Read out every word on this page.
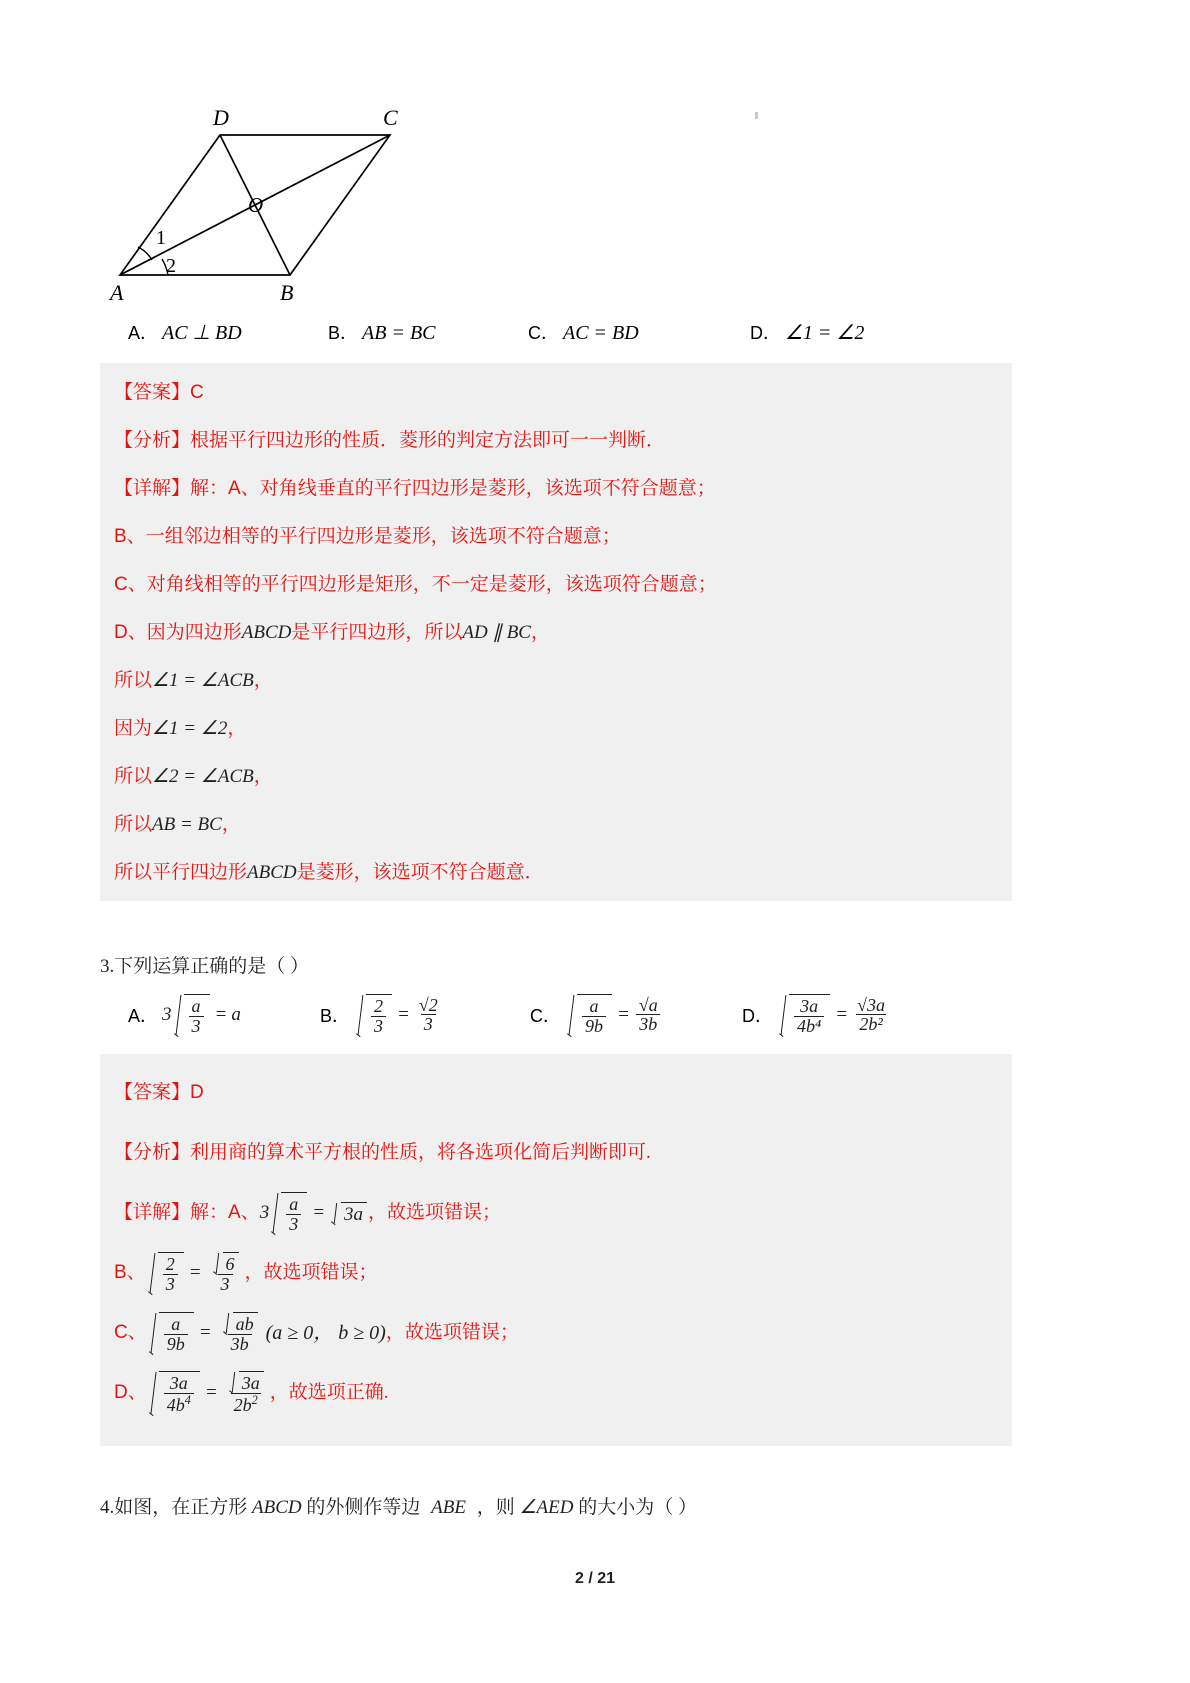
D	C
O
1
2
A	B
A． AC ⊥ BD	B． AB = BC	C． AC = BD	D． ∠1 = ∠2
【答案】 C
【分析】 根据平行四边形的性质．菱形的判定方法即可一一判断．
【详解】 解： A、 对角线垂直的平行四边形是菱形，该选项不符合题意；
B、 一组邻边相等的平行四边形是菱形，该选项不符合题意；
C、 对角线相等的平行四边形是矩形，不一定是菱形，该选项符合题意；
D、 因为四边形 ABCD 是平行四边形，所以 AD ∥ BC ，
所以 ∠1 = ∠ACB ，
因为 ∠1 = ∠2 ，
所以 ∠2 = ∠ACB ，
所以 AB = BC ，
所以平行四边形 ABCD 是菱形，该选项不符合题意．
3.下列运算正确的是（ ）
A． $3 \frac{a}{3} = a$	B． $\frac{2}{3} = \frac{√2}{3}$	C． $\frac{a}{9b} = \frac{√a}{3b}$	D． $\frac{3a}{\text{4b⁴}} = \frac{√3a}{\text{2b²}}$
【答案】 D
【分析】 利用商的算术平方根的性质，将各选项化简后判断即可.
【详解】 解： A、 $3 \frac{a}{3} = 3a$ ，故选项错误；
B、 $\frac{2}{3} = \frac{6}{3}$ ，故选项错误；
C、 $\frac{a}{9b} = \frac{ab}{3b} (a \ge 0$， b ≥ 0) ，故选项错误；
D、 $\frac{3a}{4b^4} = \frac{3a}{2b^2}$ ，故选项正确.
4.如图，在正方形 ABCD 的外侧作等边 ABE ，则 ∠AED 的大小为（ ）
2 / 21
